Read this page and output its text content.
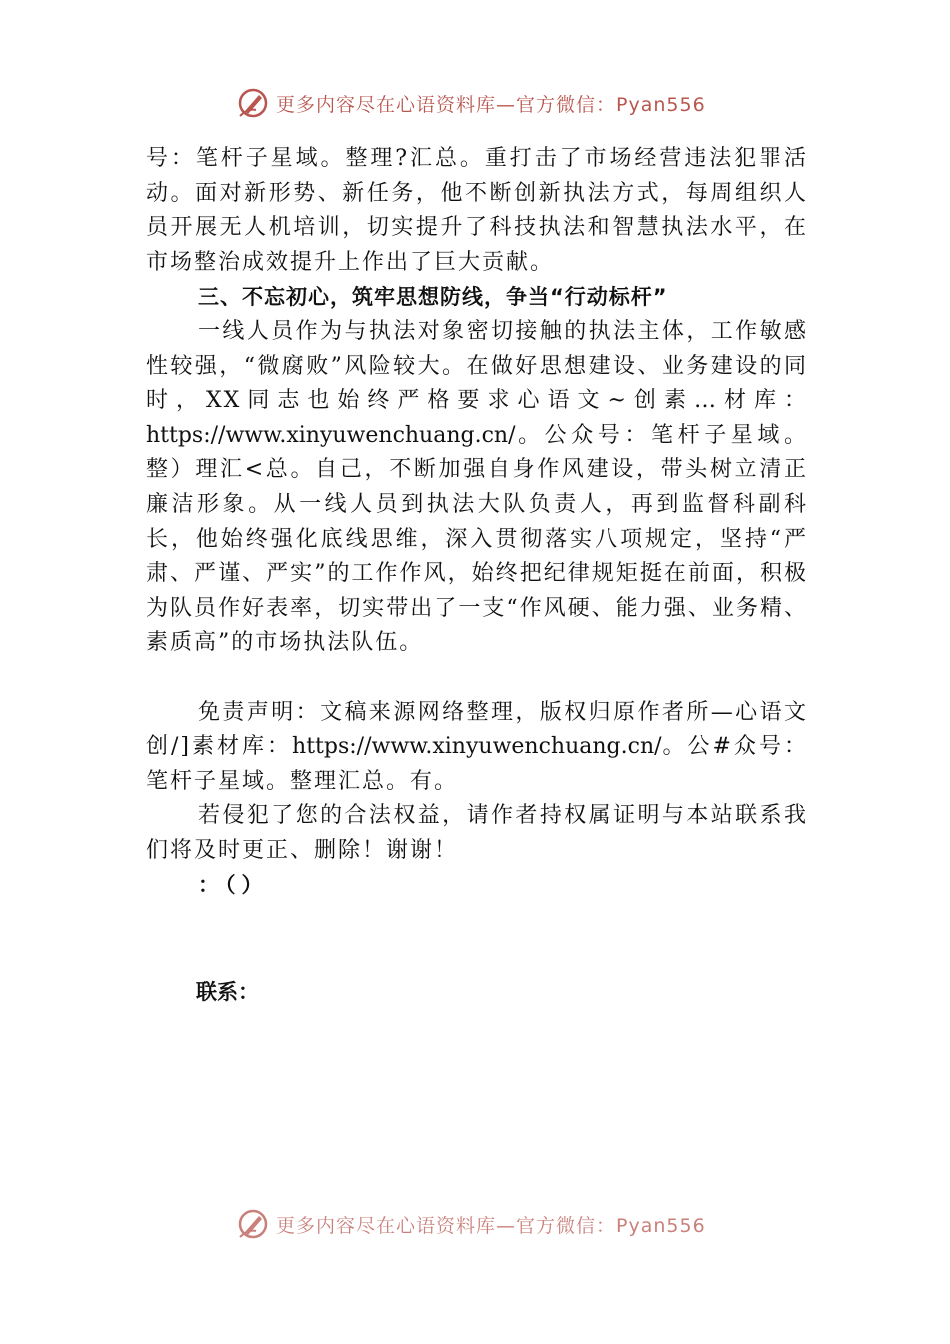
更多内容尽在心语资料库—官方微信：Pyan556

号：笔杆子星域。整理?汇总。重打击了市场经营违法犯罪活动。面对新形势、新任务，他不断创新执法方式，每周组织人员开展无人机培训，切实提升了科技执法和智慧执法水平，在市场整治成效提升上作出了巨大贡献。

三、不忘初心，筑牢思想防线，争当“行动标杆”

一线人员作为与执法对象密切接触的执法主体，工作敏感性较强，“微腐败”风险较大。在做好思想建设、业务建设的同时，XX同志也始终严格要求心语文~创素…材库：https://www.xinyuwenchuang.cn/。公众号：笔杆子星域。整）理汇<总。自己，不断加强自身作风建设，带头树立清正廉洁形象。从一线人员到执法大队负责人，再到监督科副科长，他始终强化底线思维，深入贯彻落实八项规定，坚持“严肃、严谨、严实”的工作作风，始终把纪律规矩挺在前面，积极为队员作好表率，切实带出了一支“作风硬、能力强、业务精、素质高”的市场执法队伍。

免责声明：文稿来源网络整理，版权归原作者所—心语文创/]素材库：https://www.xinyuwenchuang.cn/。公#众号：笔杆子星域。整理汇总。有。

若侵犯了您的合法权益，请作者持权属证明与本站联系我们将及时更正、删除！谢谢！

：（）

联系：
更多内容尽在心语资料库—官方微信：Pyan556
